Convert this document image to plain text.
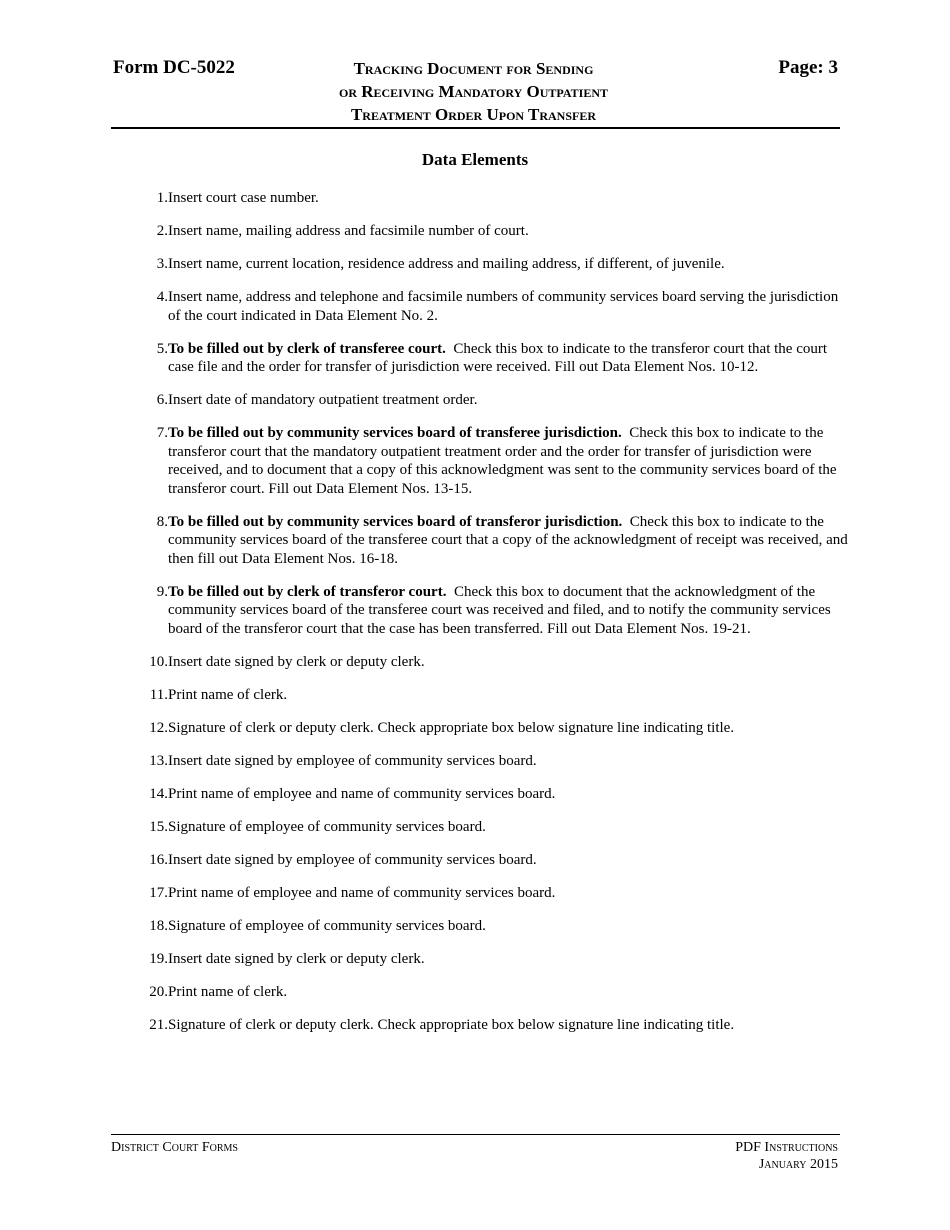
Form DC-5022	Tracking Document for Sending
or Receiving Mandatory Outpatient
Treatment Order Upon Transfer
Page: 3
Data Elements
1. Insert court case number.
2. Insert name, mailing address and facsimile number of court.
3. Insert name, current location, residence address and mailing address, if different, of juvenile.
4. Insert name, address and telephone and facsimile numbers of community services board serving the jurisdiction of the court indicated in Data Element No. 2.
5. To be filled out by clerk of transferee court. Check this box to indicate to the transferor court that the court case file and the order for transfer of jurisdiction were received. Fill out Data Element Nos. 10-12.
6. Insert date of mandatory outpatient treatment order.
7. To be filled out by community services board of transferee jurisdiction. Check this box to indicate to the transferor court that the mandatory outpatient treatment order and the order for transfer of jurisdiction were received, and to document that a copy of this acknowledgment was sent to the community services board of the transferor court. Fill out Data Element Nos. 13-15.
8. To be filled out by community services board of transferor jurisdiction. Check this box to indicate to the community services board of the transferee court that a copy of the acknowledgment of receipt was received, and then fill out Data Element Nos. 16-18.
9. To be filled out by clerk of transferor court. Check this box to document that the acknowledgment of the community services board of the transferee court was received and filed, and to notify the community services board of the transferor court that the case has been transferred. Fill out Data Element Nos. 19-21.
10. Insert date signed by clerk or deputy clerk.
11. Print name of clerk.
12. Signature of clerk or deputy clerk. Check appropriate box below signature line indicating title.
13. Insert date signed by employee of community services board.
14. Print name of employee and name of community services board.
15. Signature of employee of community services board.
16. Insert date signed by employee of community services board.
17. Print name of employee and name of community services board.
18. Signature of employee of community services board.
19. Insert date signed by clerk or deputy clerk.
20. Print name of clerk.
21. Signature of clerk or deputy clerk. Check appropriate box below signature line indicating title.
District Court Forms	PDF Instructions
January 2015
